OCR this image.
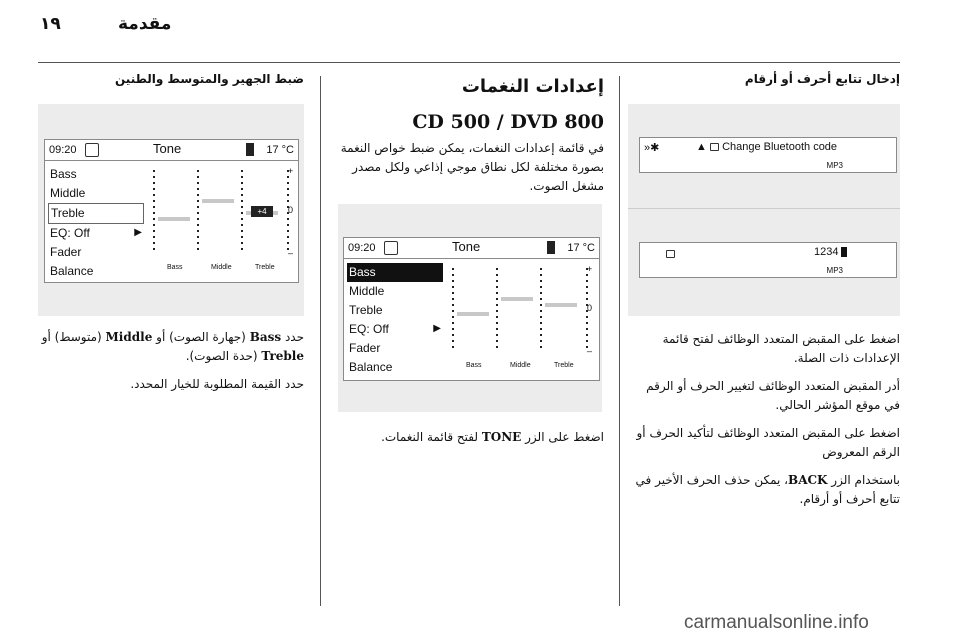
١٩	مقدمة
إدخال تتابع أحرف أو أرقام
»✱	▲	Change Bluetooth code
MP3
1234
MP3

اضغط على المقبض المتعدد الوظائف لفتح قائمة الإعدادات ذات الصلة.

أدر المقبض المتعدد الوظائف لتغيير الحرف أو الرقم في موقع المؤشر الحالي.

اضغط على المقبض المتعدد الوظائف لتأكيد الحرف أو الرقم المعروض

باستخدام الزر BACK، يمكن حذف الحرف الأخير في تتابع أحرف أو أرقام.

إعدادات النغمات
CD 500 / DVD 800

في قائمة إعدادات النغمات، يمكن ضبط خواص النغمة بصورة مختلفة لكل نطاق موجي إذاعي ولكل مصدر مشغل الصوت.

اضغط على الزر TONE لفتح قائمة النغمات.

ضبط الجهير والمتوسط والطنين

حدد Bass (جهارة الصوت) أو Middle (متوسط) أو Treble (حدة الصوت).

حدد القيمة المطلوبة للخيار المحدد.

09:20	Tone	17 °C
Bass
Middle
Treble
EQ: Off	▶
Fader
Balance
+
0
–
Bass	Middle	Treble
+4
09:20	Tone	17 °C
Bass
Middle
Treble
EQ: Off	▶
Fader
Balance
+
0
–
Bass	Middle	Treble
carmanualsonline.info
